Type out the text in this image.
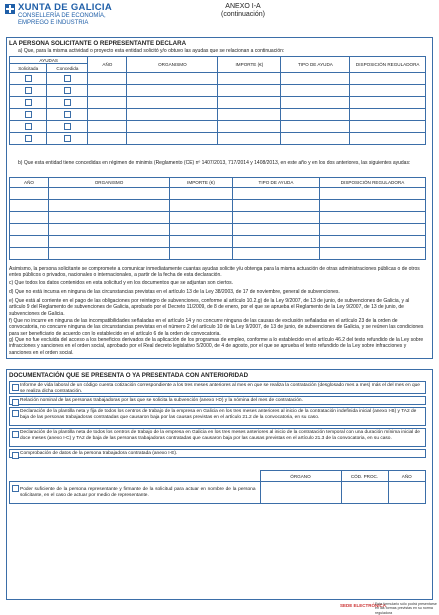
XUNTA DE GALICIA
CONSELLERÍA DE ECONOMÍA,
EMPREGO E INDUSTRIA
ANEXO I-A
(continuación)
LA PERSONA SOLICITANTE O REPRESENTANTE DECLARA
a) Que, para la misma actividad o proyecto esta entidad solicitó y/o obtuvo las ayudas que se relacionan a continuación:
AYUDAS		AÑO	ORGANISMO	IMPORTE (€)	TIPO DE AYUDA	DISPOSICIÓN REGULADORA
Solicitada	Concedida					

b) Que esta entidad tiene concedidas en régimen de minimis (Reglamento (CE) nº 1407/2013, 717/2014 y 1408/2013, en este año y en los dos anteriores, las siguientes ayudas:
AÑO	ORGANISMO	IMPORTE (€)	TIPO DE AYUDA	DISPOSICIÓN REGULADORA

Asimismo, la persona solicitante se compromete a comunicar inmediatamente cuantas ayudas solicite y/u obtenga para la misma actuación de otras administraciones públicas o de otros entes públicos o privados, nacionales o internacionales, a partir de la fecha de esta declaración.
c) Que todos los datos contenidos en esta solicitud y en los documentos que se adjuntan son ciertos.
d) Que no está incursa en ninguna de las circunstancias previstas en el artículo 13 de la Ley 38/2003, de 17 de noviembre, general de subvenciones.
e) Que está al corriente en el pago de las obligaciones por reintegro de subvenciones, conforme al artículo 10.2.g) de la Ley 9/2007, de 13 de junio, de subvenciones de Galicia, y al artículo 9 del Reglamento de subvenciones de Galicia, aprobado por el Decreto 11/2009, de 8 de enero, por el que se aprueba el Reglamento de la Ley 9/2007, de 13 de junio, de subvenciones de Galicia.
f) Que no incurre en ninguna de las incompatibilidades señaladas en el artículo 14 y no concurre ninguna de las causas de exclusión señaladas en el artículo 23 de la orden de convocatoria, no concurre ninguna de las circunstancias previstas en el número 2 del artículo 10 de la Ley 9/2007, de 13 de junio, de subvenciones de Galicia, y se reúnen las condiciones para ser beneficiario de acuerdo con lo establecido en el artículo 6 de la orden de convocatoria.
g) Que no fue excluida del acceso a los beneficios derivados de la aplicación de los programas de empleo, conforme a lo establecido en el artículo 46.2 del texto refundido de la Ley sobre infracciones y sanciones en el orden social, aprobado por el Real decreto legislativo 5/2000, de 4 de agosto, por el que se aprueba el texto refundido de la Ley sobre infracciones y sanciones en el orden social.
DOCUMENTACIÓN QUE SE PRESENTA O YA PRESENTADA CON ANTERIORIDAD
Informe de vida laboral de un código cuenta cotización correspondiente a los tres meses anteriores al mes en que se realiza la contratación (desglosado mes a mes) más el del mes en que se realiza dicha contratación.
Relación nominal de las personas trabajadoras por las que se solicita la subvención (anexo I-D) y la nómina del mes de contratación.
Declaración de la plantilla neta y fija de todos los centros de trabajo de la empresa en Galicia en los tres meses anteriores al inicio de la contratación indefinida inicial (anexo I-B) y TA2 de baja de las personas trabajadoras contratadas que causaron baja por las causas previstas en el artículo 21.2 de la convocatoria, en su caso.
Declaración de la plantilla neta de todos los centros de trabajo de la empresa en Galicia en los tres meses anteriores al inicio de la contratación temporal con una duración mínima inicial de doce meses (anexo I-C) y TA2 de baja de las personas trabajadoras contratadas que causaron baja por las causas previstas en el artículo 21.3 de la convocatoria, en su caso.
Comprobación de datos de la persona trabajadora contratada (anexo I-E).
	ÓRGANO	CÓD. PROC.	AÑO

Poder suficiente de la persona representante y firmante de la solicitud para actuar en nombre de la persona solicitante, en el caso de actuar por medio de representante.			

SEDE ELECTRÓNICA
Este formulario sólo podrá presentarse en las formas previstas en su norma reguladora
